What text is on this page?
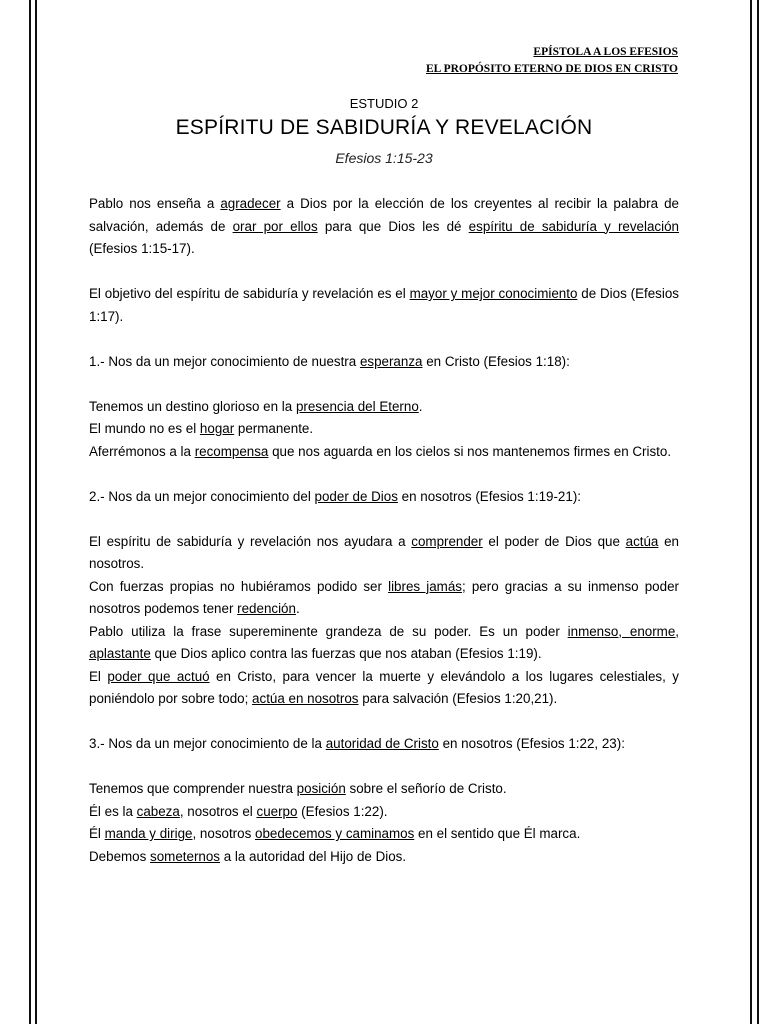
EPÍSTOLA A LOS EFESIOS
EL PROPÓSITO ETERNO DE DIOS EN CRISTO
ESTUDIO 2
ESPÍRITU DE SABIDURÍA Y REVELACIÓN
Efesios 1:15-23

Pablo nos enseña a agradecer a Dios por la elección de los creyentes al recibir la palabra de salvación, además de orar por ellos para que Dios les dé espíritu de sabiduría y revelación (Efesios 1:15-17).

El objetivo del espíritu de sabiduría y revelación es el mayor y mejor conocimiento de Dios (Efesios 1:17).

1.- Nos da un mejor conocimiento de nuestra esperanza en Cristo (Efesios 1:18):

Tenemos un destino glorioso en la presencia del Eterno.

El mundo no es el hogar permanente.

Aferrémonos a la recompensa que nos aguarda en los cielos si nos mantenemos firmes en Cristo.

2.- Nos da un mejor conocimiento del poder de Dios en nosotros (Efesios 1:19-21):

El espíritu de sabiduría y revelación nos ayudara a comprender el poder de Dios que actúa en nosotros.

Con fuerzas propias no hubiéramos podido ser libres jamás; pero gracias a su inmenso poder nosotros podemos tener redención.

Pablo utiliza la frase supereminente grandeza de su poder. Es un poder inmenso, enorme, aplastante que Dios aplico contra las fuerzas que nos ataban (Efesios 1:19).

El poder que actuó en Cristo, para vencer la muerte y elevándolo a los lugares celestiales, y poniéndolo por sobre todo; actúa en nosotros para salvación (Efesios 1:20,21).

3.- Nos da un mejor conocimiento de la autoridad de Cristo en nosotros (Efesios 1:22, 23):

Tenemos que comprender nuestra posición sobre el señorío de Cristo.

Él es la cabeza, nosotros el cuerpo (Efesios 1:22).

Él manda y dirige, nosotros obedecemos y caminamos en el sentido que Él marca.

Debemos someternos a la autoridad del Hijo de Dios.
